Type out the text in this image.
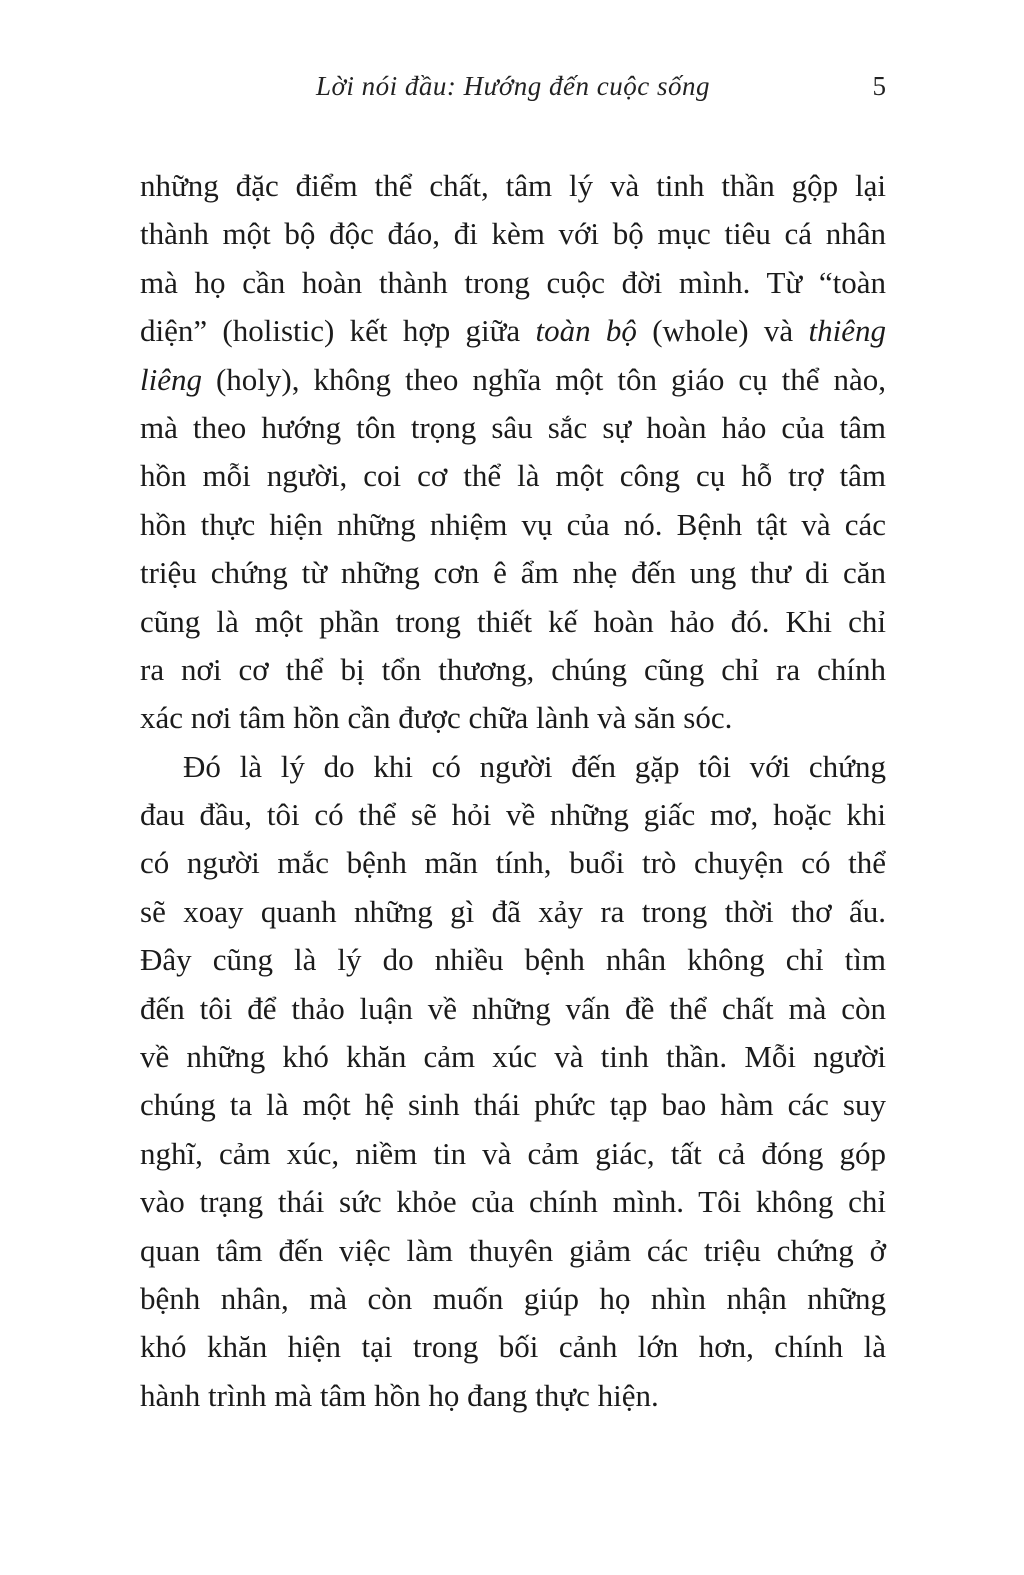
Lời nói đầu: Hướng đến cuộc sống	5
những đặc điểm thể chất, tâm lý và tinh thần gộp lại
thành một bộ độc đáo, đi kèm với bộ mục tiêu cá nhân
mà họ cần hoàn thành trong cuộc đời mình. Từ “toàn
diện” (holistic) kết hợp giữa toàn bộ (whole) và thiêng
liêng (holy), không theo nghĩa một tôn giáo cụ thể nào,
mà theo hướng tôn trọng sâu sắc sự hoàn hảo của tâm
hồn mỗi người, coi cơ thể là một công cụ hỗ trợ tâm
hồn thực hiện những nhiệm vụ của nó. Bệnh tật và các
triệu chứng từ những cơn ê ẩm nhẹ đến ung thư di căn
cũng là một phần trong thiết kế hoàn hảo đó. Khi chỉ
ra nơi cơ thể bị tổn thương, chúng cũng chỉ ra chính
xác nơi tâm hồn cần được chữa lành và săn sóc.
Đó là lý do khi có người đến gặp tôi với chứng
đau đầu, tôi có thể sẽ hỏi về những giấc mơ, hoặc khi
có người mắc bệnh mãn tính, buổi trò chuyện có thể
sẽ xoay quanh những gì đã xảy ra trong thời thơ ấu.
Đây cũng là lý do nhiều bệnh nhân không chỉ tìm
đến tôi để thảo luận về những vấn đề thể chất mà còn
về những khó khăn cảm xúc và tinh thần. Mỗi người
chúng ta là một hệ sinh thái phức tạp bao hàm các suy
nghĩ, cảm xúc, niềm tin và cảm giác, tất cả đóng góp
vào trạng thái sức khỏe của chính mình. Tôi không chỉ
quan tâm đến việc làm thuyên giảm các triệu chứng ở
bệnh nhân, mà còn muốn giúp họ nhìn nhận những
khó khăn hiện tại trong bối cảnh lớn hơn, chính là
hành trình mà tâm hồn họ đang thực hiện.
